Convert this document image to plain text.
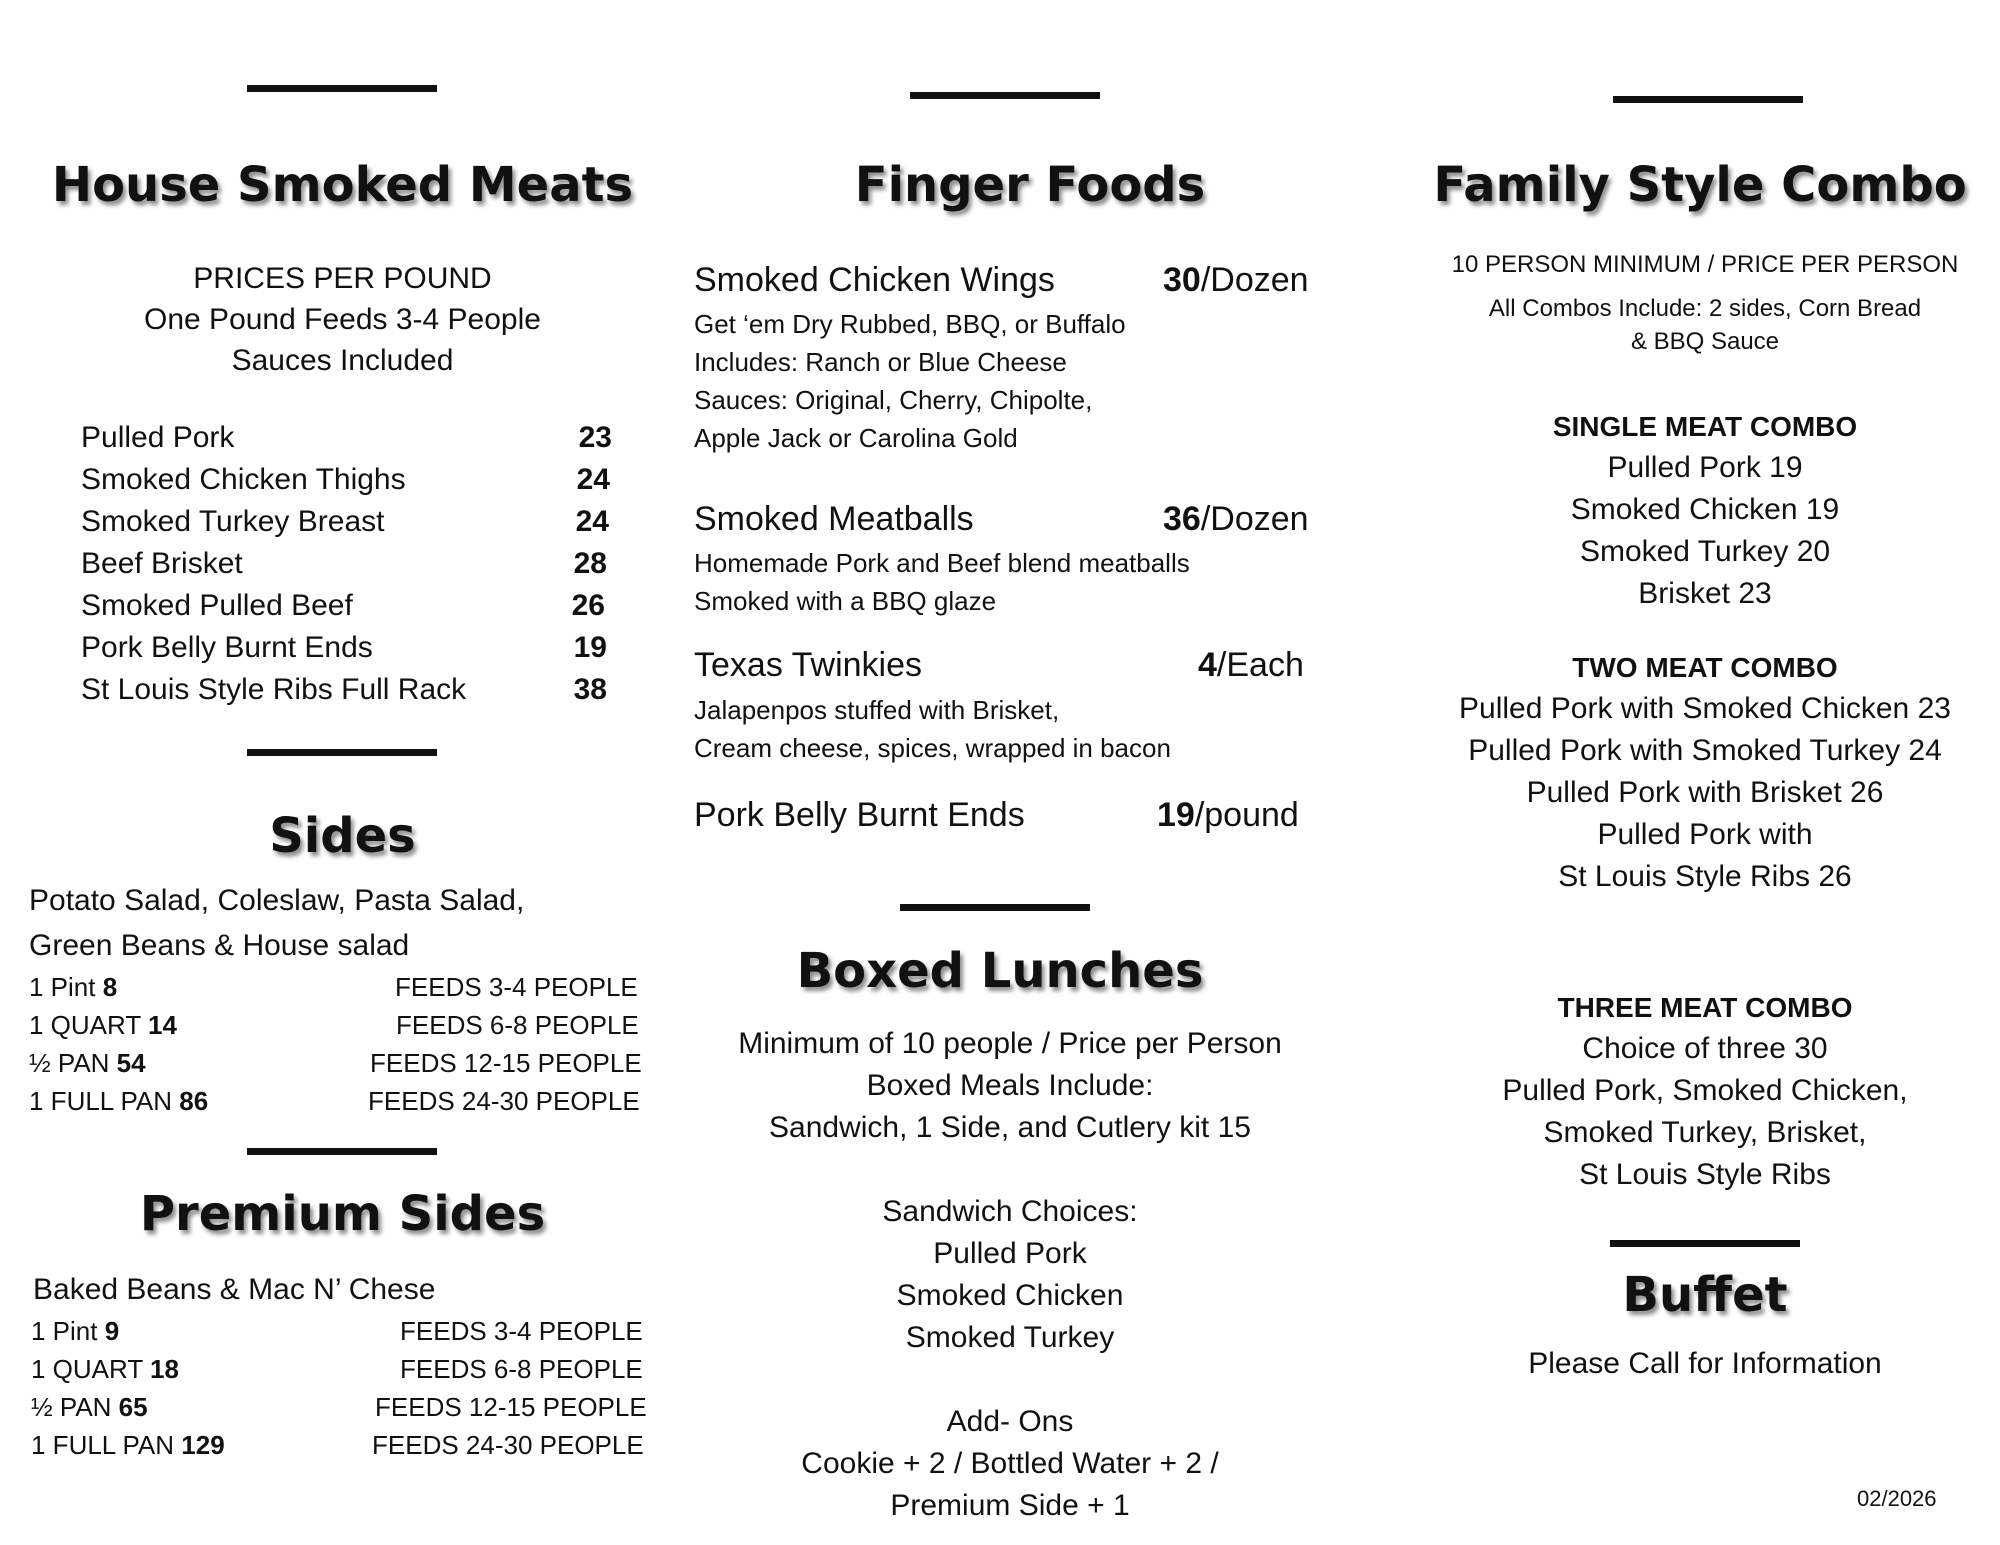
House Smoked Meats
PRICES PER POUND
One Pound Feeds 3-4 People
Sauces Included
Pulled Pork	23
Smoked Chicken Thighs	24
Smoked Turkey Breast	24
Beef Brisket	28
Smoked Pulled Beef	26
Pork Belly Burnt Ends	19
St Louis Style Ribs Full Rack	38
Sides
Potato Salad, Coleslaw, Pasta Salad,
Green Beans & House salad
1 Pint 8	FEEDS 3-4 PEOPLE
1 QUART 14	FEEDS 6-8 PEOPLE
½ PAN 54	FEEDS 12-15 PEOPLE
1 FULL PAN 86	FEEDS 24-30 PEOPLE
Premium Sides
Baked Beans & Mac N’ Chese
1 Pint 9	FEEDS 3-4 PEOPLE
1 QUART 18	FEEDS 6-8 PEOPLE
½ PAN 65	FEEDS 12-15 PEOPLE
1 FULL PAN 129	FEEDS 24-30 PEOPLE
Finger Foods
Smoked Chicken Wings	30/Dozen
Get ‘em Dry Rubbed, BBQ, or Buffalo
Includes: Ranch or Blue Cheese
Sauces: Original, Cherry, Chipolte,
Apple Jack or Carolina Gold
Smoked Meatballs	36/Dozen
Homemade Pork and Beef blend meatballs
Smoked with a BBQ glaze
Texas Twinkies	4/Each
Jalapenpos stuffed with Brisket,
Cream cheese, spices, wrapped in bacon
Pork Belly Burnt Ends	19/pound
Boxed Lunches
Minimum of 10 people / Price per Person
Boxed Meals Include:
Sandwich, 1 Side, and Cutlery kit 15
Sandwich Choices:
Pulled Pork
Smoked Chicken
Smoked Turkey
Add- Ons
Cookie + 2 / Bottled Water + 2 /
Premium Side + 1
Family Style Combo
10 PERSON MINIMUM / PRICE PER PERSON
All Combos Include: 2 sides, Corn Bread
& BBQ Sauce
SINGLE MEAT COMBO
Pulled Pork 19
Smoked Chicken 19
Smoked Turkey 20
Brisket 23
TWO MEAT COMBO
Pulled Pork with Smoked Chicken 23
Pulled Pork with Smoked Turkey 24
Pulled Pork with Brisket 26
Pulled Pork with
St Louis Style Ribs 26
THREE MEAT COMBO
Choice of three 30
Pulled Pork, Smoked Chicken,
Smoked Turkey, Brisket,
St Louis Style Ribs
Buffet
Please Call for Information
02/2026
